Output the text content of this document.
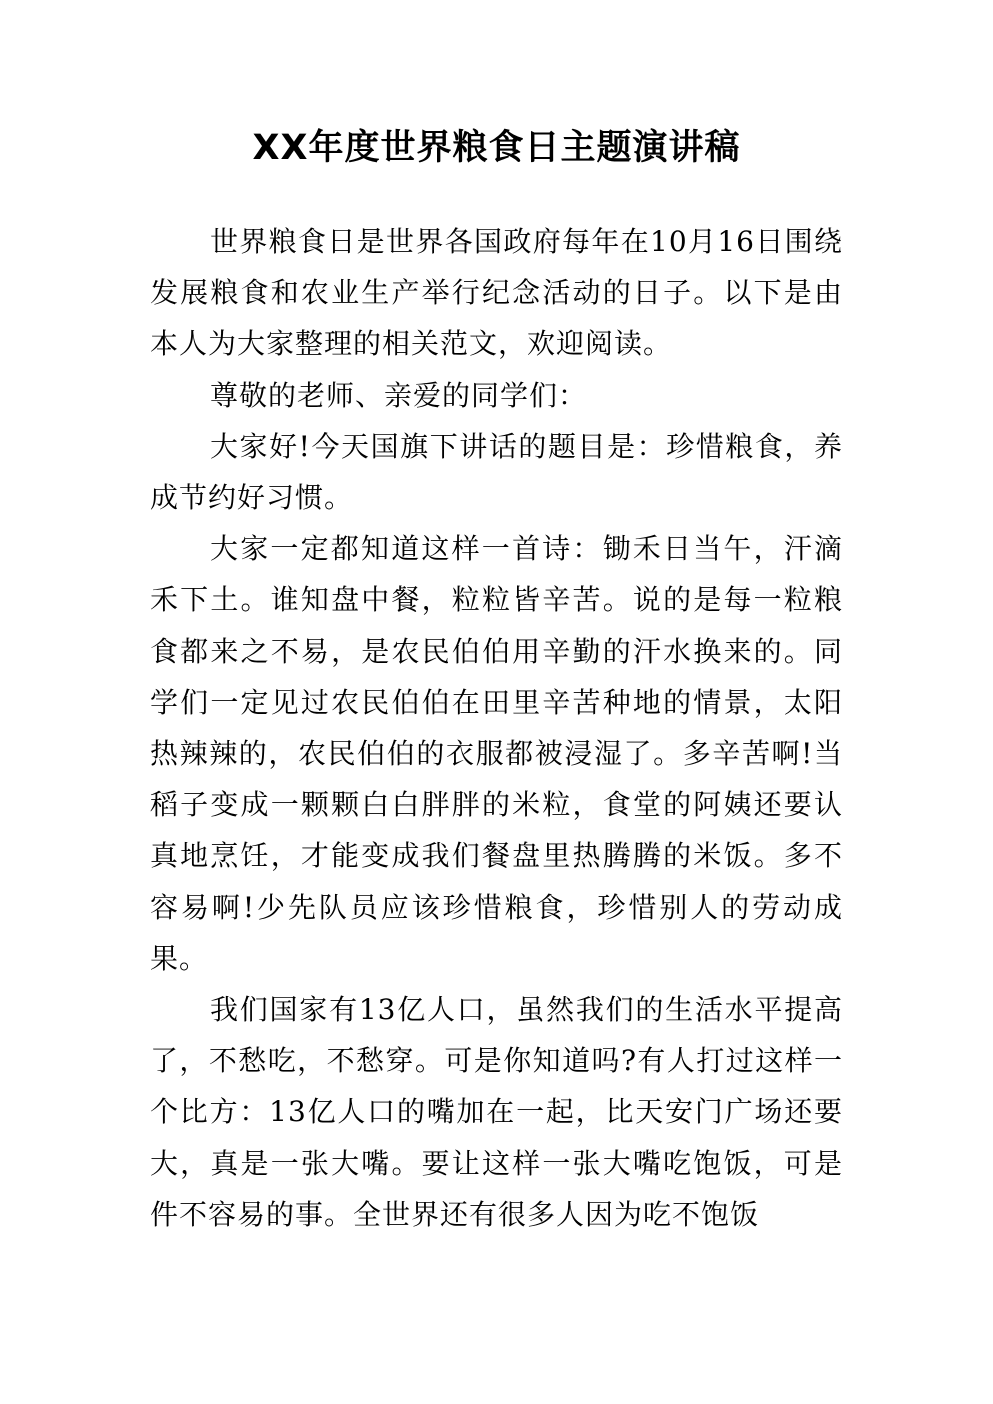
XX年度世界粮食日主题演讲稿

世界粮食日是世界各国政府每年在10月16日围绕发展粮食和农业生产举行纪念活动的日子。以下是由本人为大家整理的相关范文，欢迎阅读。

尊敬的老师、亲爱的同学们：

大家好!今天国旗下讲话的题目是：珍惜粮食，养成节约好习惯。

大家一定都知道这样一首诗：锄禾日当午，汗滴禾下土。谁知盘中餐，粒粒皆辛苦。说的是每一粒粮食都来之不易，是农民伯伯用辛勤的汗水换来的。同学们一定见过农民伯伯在田里辛苦种地的情景，太阳热辣辣的，农民伯伯的衣服都被浸湿了。多辛苦啊!当稻子变成一颗颗白白胖胖的米粒，食堂的阿姨还要认真地烹饪，才能变成我们餐盘里热腾腾的米饭。多不容易啊!少先队员应该珍惜粮食，珍惜别人的劳动成果。

我们国家有13亿人口，虽然我们的生活水平提高了，不愁吃，不愁穿。可是你知道吗?有人打过这样一个比方：13亿人口的嘴加在一起，比天安门广场还要大，真是一张大嘴。要让这样一张大嘴吃饱饭，可是件不容易的事。全世界还有很多人因为吃不饱饭
